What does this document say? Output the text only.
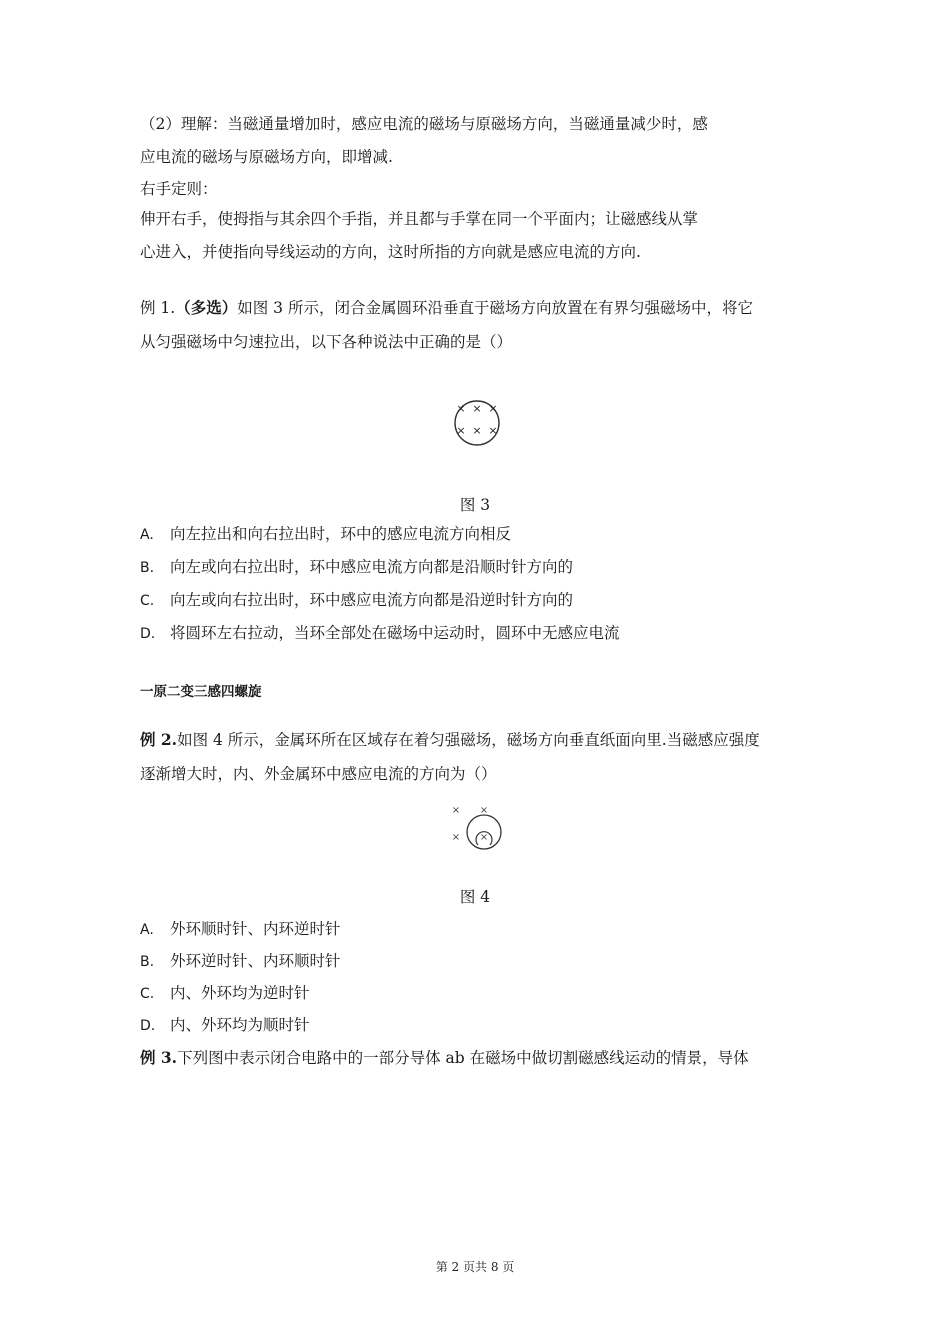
（2）理解：当磁通量增加时，感应电流的磁场与原磁场方向，当磁通量减少时，感
应电流的磁场与原磁场方向，即增减.
右手定则：
伸开右手，使拇指与其余四个手指，并且都与手掌在同一个平面内；让磁感线从掌
心进入，并使指向导线运动的方向，这时所指的方向就是感应电流的方向.
例 1.（多选）如图 3 所示，闭合金属圆环沿垂直于磁场方向放置在有界匀强磁场中，将它
从匀强磁场中匀速拉出，以下各种说法中正确的是（）
× × ×
× × ×
图 3
A. 向左拉出和向右拉出时，环中的感应电流方向相反
B. 向左或向右拉出时，环中感应电流方向都是沿顺时针方向的
C. 向左或向右拉出时，环中感应电流方向都是沿逆时针方向的
D. 将圆环左右拉动，当环全部处在磁场中运动时，圆环中无感应电流
一原二变三感四螺旋
例 2.如图 4 所示，金属环所在区域存在着匀强磁场，磁场方向垂直纸面向里.当磁感应强度
逐渐增大时，内、外金属环中感应电流的方向为（）
× ×
× ×
图 4
A. 外环顺时针、内环逆时针
B. 外环逆时针、内环顺时针
C. 内、外环均为逆时针
D. 内、外环均为顺时针
例 3.下列图中表示闭合电路中的一部分导体 ab 在磁场中做切割磁感线运动的情景，导体
第 2 页共 8 页
